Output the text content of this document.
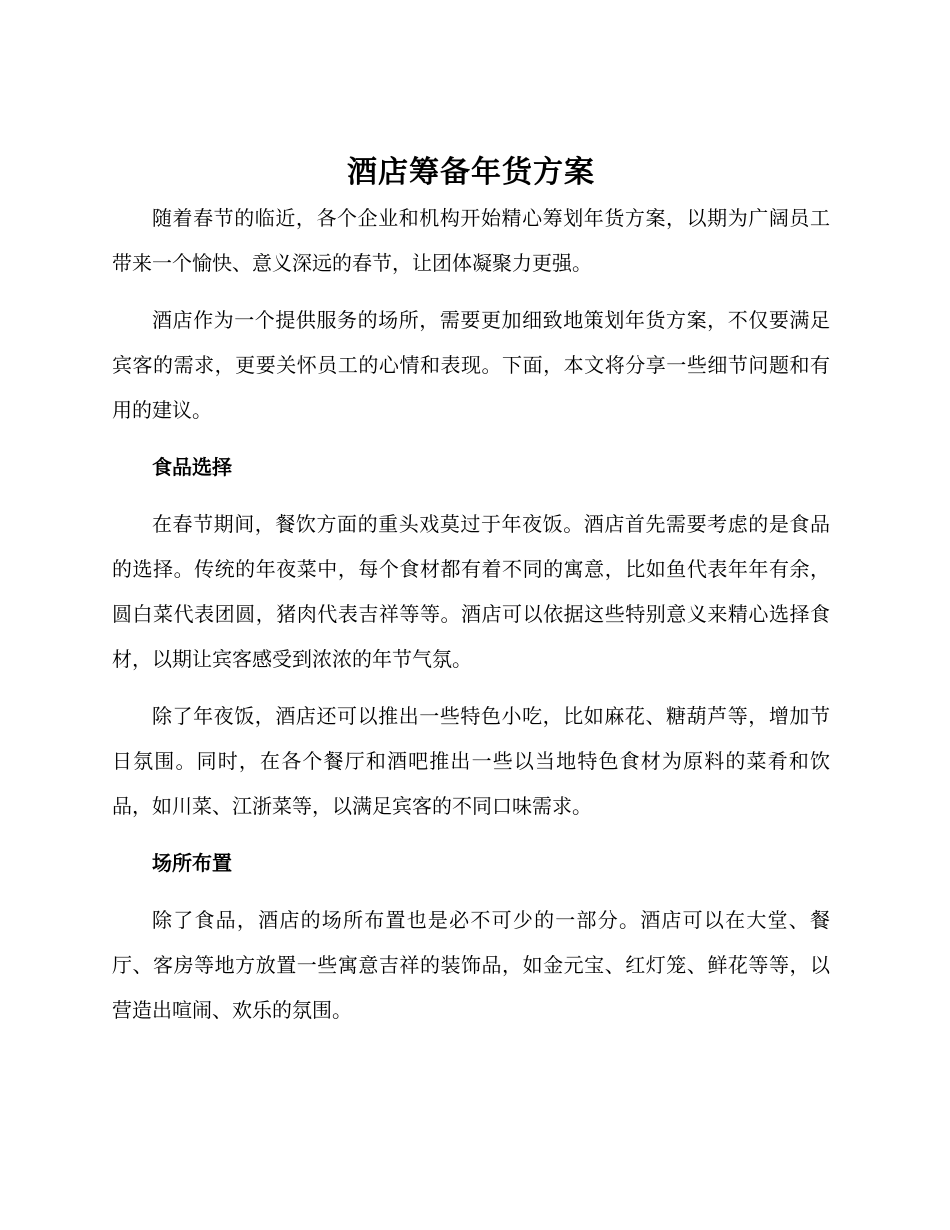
酒店筹备年货方案

随着春节的临近，各个企业和机构开始精心筹划年货方案，以期为广阔员工带来一个愉快、意义深远的春节，让团体凝聚力更强。

酒店作为一个提供服务的场所，需要更加细致地策划年货方案，不仅要满足宾客的需求，更要关怀员工的心情和表现。下面，本文将分享一些细节问题和有用的建议。

食品选择

在春节期间，餐饮方面的重头戏莫过于年夜饭。酒店首先需要考虑的是食品的选择。传统的年夜菜中，每个食材都有着不同的寓意，比如鱼代表年年有余，圆白菜代表团圆，猪肉代表吉祥等等。酒店可以依据这些特别意义来精心选择食材，以期让宾客感受到浓浓的年节气氛。

除了年夜饭，酒店还可以推出一些特色小吃，比如麻花、糖葫芦等，增加节日氛围。同时，在各个餐厅和酒吧推出一些以当地特色食材为原料的菜肴和饮品，如川菜、江浙菜等，以满足宾客的不同口味需求。

场所布置

除了食品，酒店的场所布置也是必不可少的一部分。酒店可以在大堂、餐厅、客房等地方放置一些寓意吉祥的装饰品，如金元宝、红灯笼、鲜花等等，以营造出喧闹、欢乐的氛围。
